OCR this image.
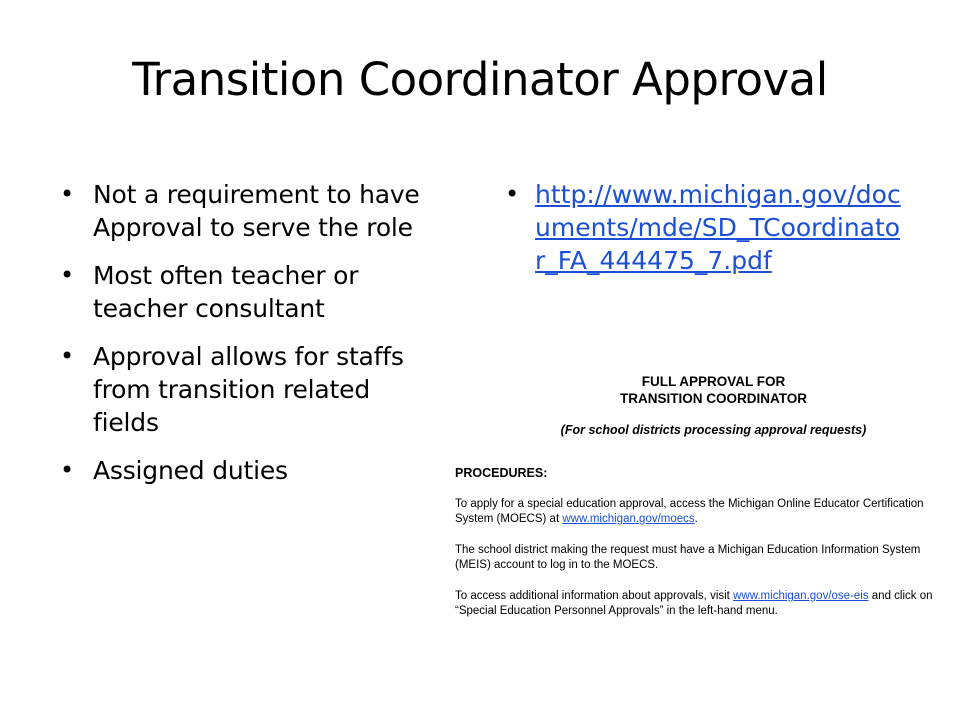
Transition Coordinator Approval
• Not a requirement to have Approval to serve the role
• Most often teacher or teacher consultant
• Approval allows for staffs from transition related fields
• Assigned duties
• http://www.michigan.gov/documents/mde/SD_TCoordinator_FA_444475_7.pdf
FULL APPROVAL FOR
TRANSITION COORDINATOR
(For school districts processing approval requests)
PROCEDURES:
To apply for a special education approval, access the Michigan Online Educator Certification System (MOECS) at www.michigan.gov/moecs.
The school district making the request must have a Michigan Education Information System (MEIS) account to log in to the MOECS.
To access additional information about approvals, visit www.michigan.gov/ose-eis and click on “Special Education Personnel Approvals” in the left-hand menu.
